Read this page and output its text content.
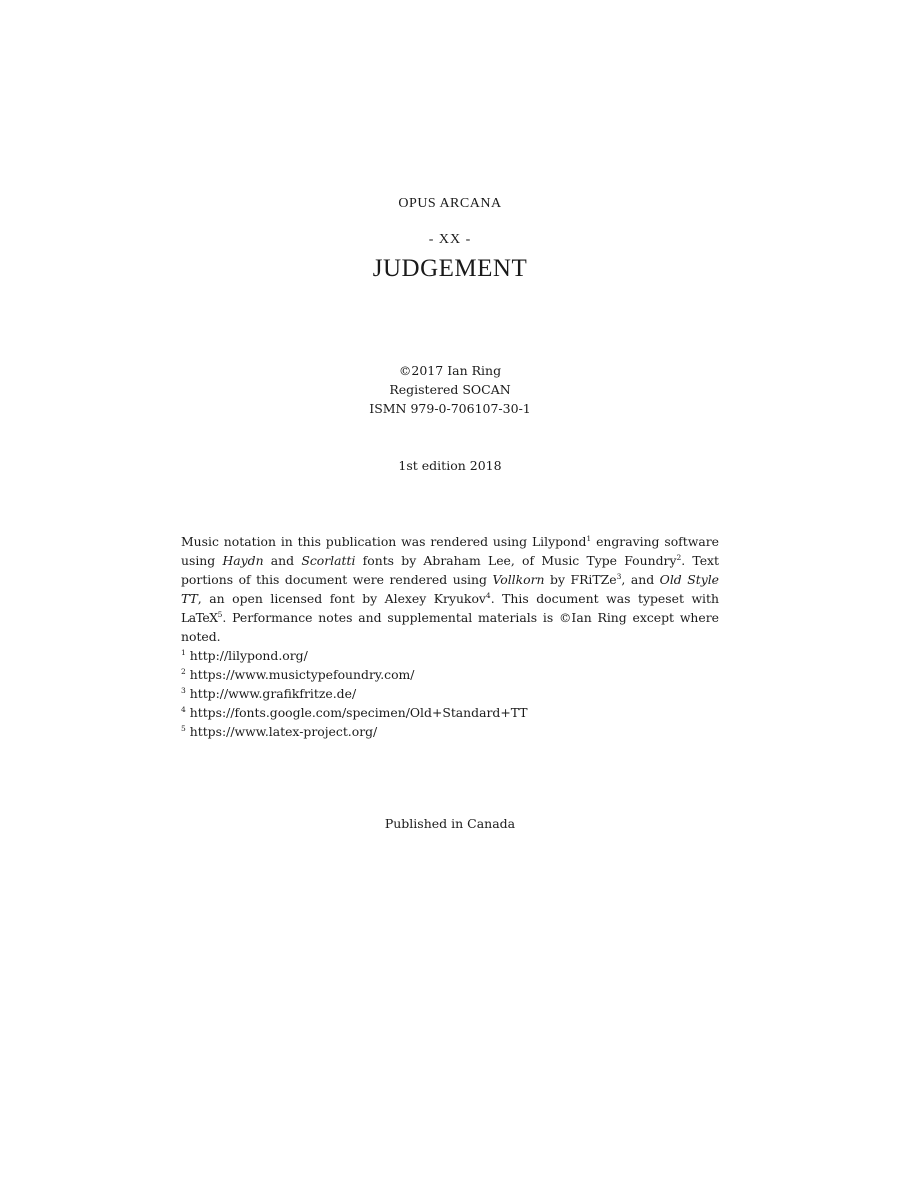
OPUS ARCANA
- XX -
JUDGEMENT
©2017 Ian Ring
Registered SOCAN
ISMN 979-0-706107-30-1
1st edition 2018
Music notation in this publication was rendered using Lilypond$^1$ engraving software using Haydn and Scorlatti fonts by Abraham Lee, of Music Type Foundry$^2$. Text portions of this document were rendered using Vollkorn by FRiTZe$^3$, and Old Style TT, an open licensed font by Alexey Kryukov$^4$. This document was typeset with LaTeX$^5$. Performance notes and supplemental materials is ©Ian Ring except where noted.
$^1$ http://lilypond.org/
$^2$ https://www.musictypefoundry.com/
$^3$ http://www.grafikfritze.de/
$^4$ https://fonts.google.com/specimen/Old+Standard+TT
$^5$ https://www.latex-project.org/
Published in Canada
